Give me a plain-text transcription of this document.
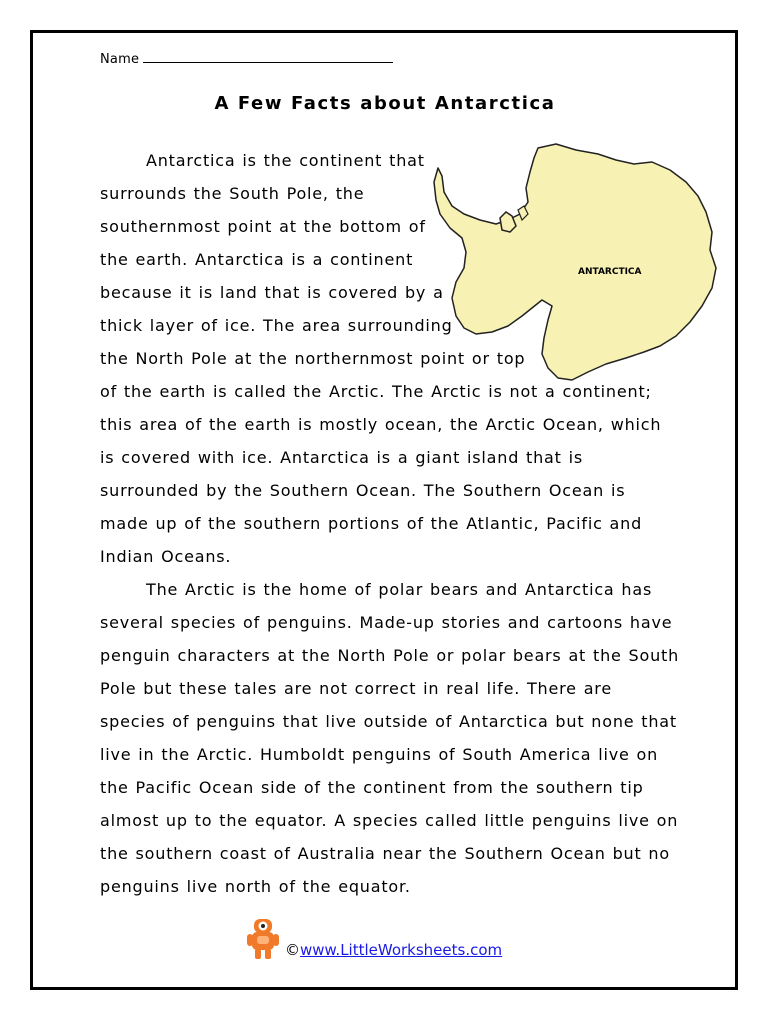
Name
A Few Facts about Antarctica
ANTARCTICA

Antarctica is the continent that surrounds the South Pole, the southernmost point at the bottom of the earth. Antarctica is a continent because it is land that is covered by a thick layer of ice. The area surrounding the North Pole at the northernmost point or top of the earth is called the Arctic. The Arctic is not a continent; this area of the earth is mostly ocean, the Arctic Ocean, which is covered with ice. Antarctica is a giant island that is surrounded by the Southern Ocean. The Southern Ocean is made up of the southern portions of the Atlantic, Pacific and Indian Oceans.

The Arctic is the home of polar bears and Antarctica has several species of penguins. Made-up stories and cartoons have penguin characters at the North Pole or polar bears at the South Pole but these tales are not correct in real life. There are species of penguins that live outside of Antarctica but none that live in the Arctic. Humboldt penguins of South America live on the Pacific Ocean side of the continent from the southern tip almost up to the equator. A species called little penguins live on the southern coast of Australia near the Southern Ocean but no penguins live north of the equator.

©www.LittleWorksheets.com
